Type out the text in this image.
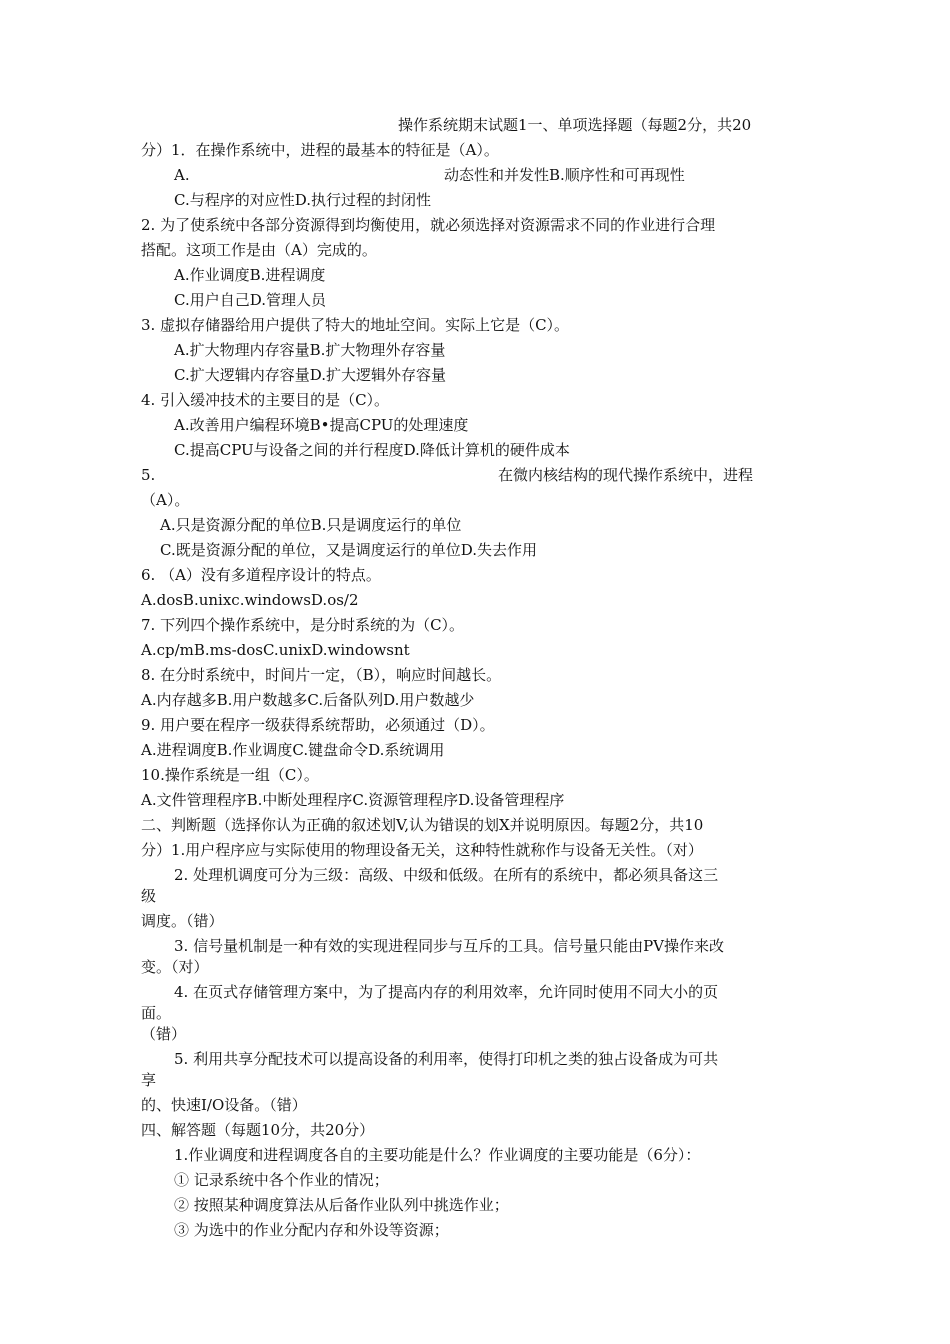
操作系统期末试题1一、单项选择题（每题2分，共20
分）1．在操作系统中，进程的最基本的特征是（A）。
A.	动态性和并发性B.顺序性和可再现性
C.与程序的对应性D.执行过程的封闭性
2. 为了使系统中各部分资源得到均衡使用，就必须选择对资源需求不同的作业进行合理
搭配。这项工作是由（A）完成的。
A.作业调度B.进程调度
C.用户自己D.管理人员
3. 虚拟存储器给用户提供了特大的地址空间。实际上它是（C）。
A.扩大物理内存容量B.扩大物理外存容量
C.扩大逻辑内存容量D.扩大逻辑外存容量
4. 引入缓冲技术的主要目的是（C）。
A.改善用户编程环境B•提高CPU的处理速度
C.提高CPU与设备之间的并行程度D.降低计算机的硬件成本
5.	在微内核结构的现代操作系统中，进程
（A）。
A.只是资源分配的单位B.只是调度运行的单位
C.既是资源分配的单位，又是调度运行的单位D.失去作用
6. （A）没有多道程序设计的特点。
A.dosB.unixc.windowsD.os/2
7. 下列四个操作系统中，是分时系统的为（C）。
A.cp/mB.ms-dosC.unixD.windowsnt
8. 在分时系统中，时间片一定，（B），响应时间越长。
A.内存越多B.用户数越多C.后备队列D.用户数越少
9. 用户要在程序一级获得系统帮助，必须通过（D）。
A.进程调度B.作业调度C.键盘命令D.系统调用
10.操作系统是一组（C）。
A.文件管理程序B.中断处理程序C.资源管理程序D.设备管理程序
二、判断题（选择你认为正确的叙述划V,认为错误的划X并说明原因。每题2分，共10
分）1.用户程序应与实际使用的物理设备无关，这种特性就称作与设备无关性。（对）
2. 处理机调度可分为三级：高级、中级和低级。在所有的系统中，都必须具备这三
级
调度。（错）
3. 信号量机制是一种有效的实现进程同步与互斥的工具。信号量只能由PV操作来改
变。（对）
4. 在页式存储管理方案中，为了提高内存的利用效率，允许同时使用不同大小的页
面。
（错）
5. 利用共享分配技术可以提高设备的利用率，使得打印机之类的独占设备成为可共
享
的、快速I/O设备。（错）
四、解答题（每题10分，共20分）
1.作业调度和进程调度各自的主要功能是什么？作业调度的主要功能是（6分）：
① 记录系统中各个作业的情况；
② 按照某种调度算法从后备作业队列中挑选作业；
③ 为选中的作业分配内存和外设等资源；
